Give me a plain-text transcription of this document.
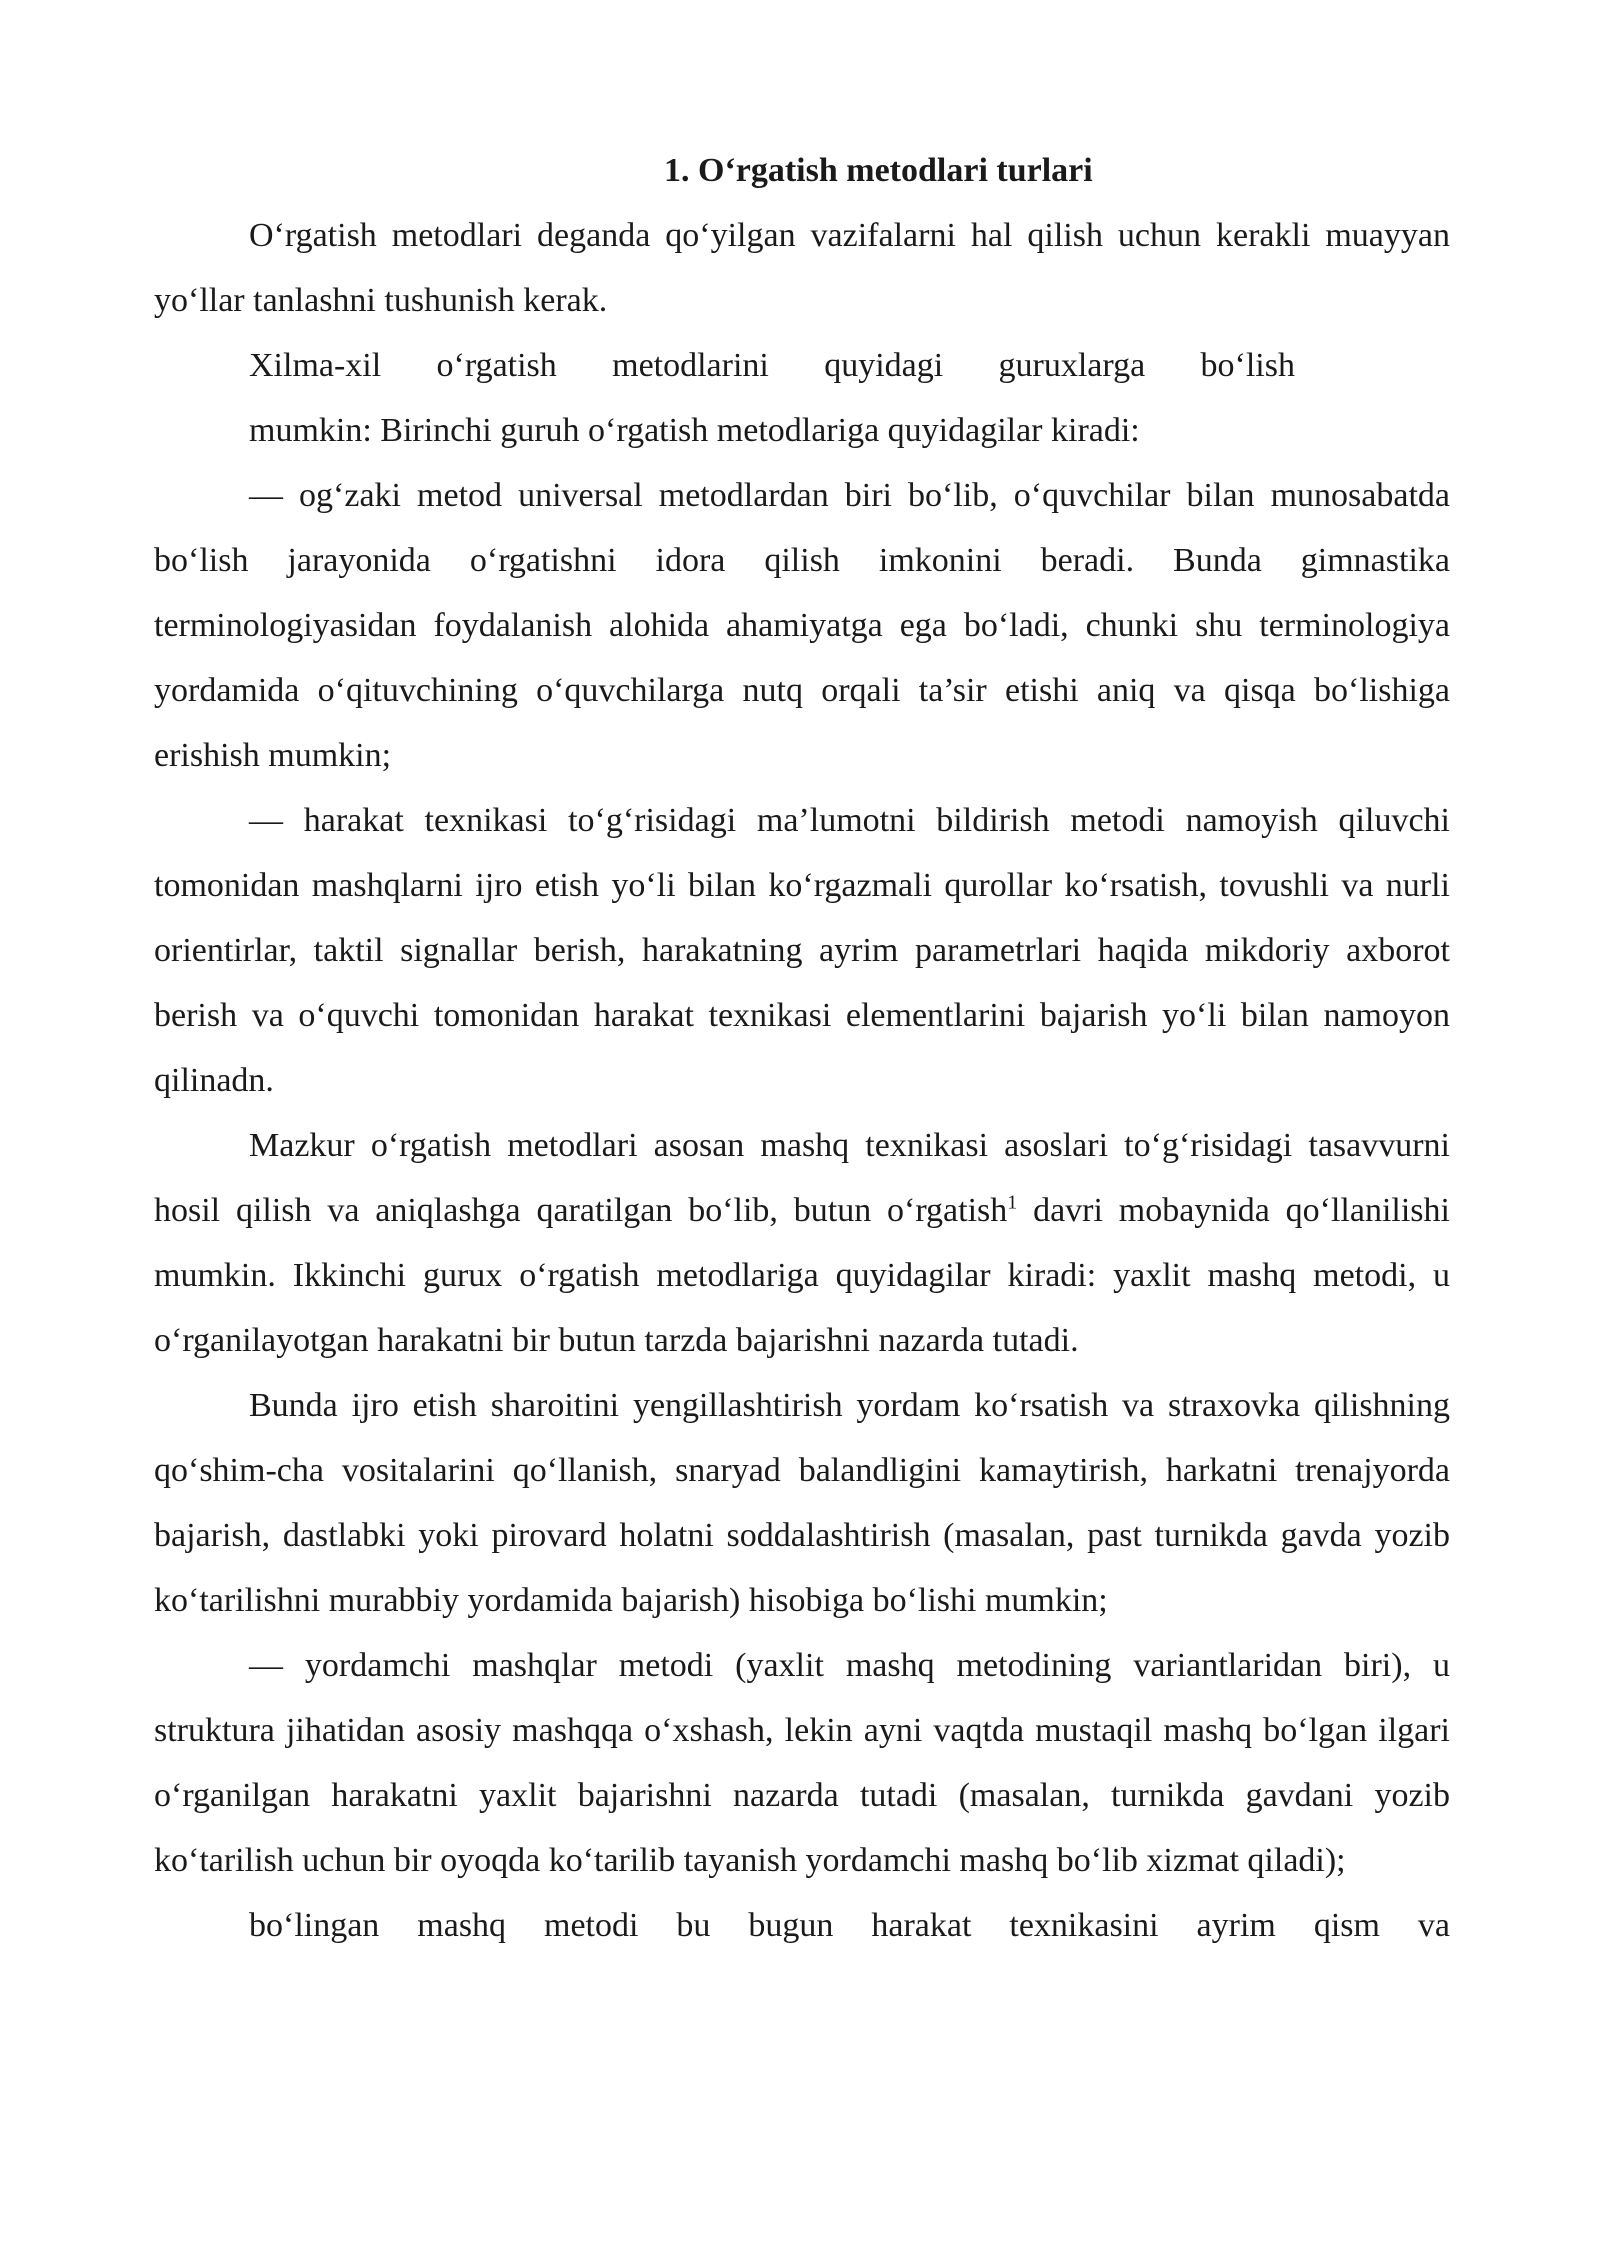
1. O‘rgatish metodlari turlari

O‘rgatish metodlari deganda qo‘yilgan vazifalarni hal qilish uchun kerakli muayyan yo‘llar tanlashni tushunish kerak.

Xilma-xil o‘rgatish metodlarini quyidagi guruxlarga bo‘lish

mumkin: Birinchi guruh o‘rgatish metodlariga quyidagilar kiradi:

— og‘zaki metod universal metodlardan biri bo‘lib, o‘quvchilar bilan munosabatda bo‘lish jarayonida o‘rgatishni idora qilish imkonini beradi. Bunda gimnastika terminologiyasidan foydalanish alohida ahamiyatga ega bo‘ladi, chunki shu terminologiya yordamida o‘qituvchining o‘quvchilarga nutq orqali ta’sir etishi aniq va qisqa bo‘lishiga erishish mumkin;

— harakat texnikasi to‘g‘risidagi ma’lumotni bildirish metodi namoyish qiluvchi tomonidan mashqlarni ijro etish yo‘li bilan ko‘rgazmali qurollar ko‘rsatish, tovushli va nurli orientirlar, taktil signallar berish, harakatning ayrim parametrlari haqida mikdoriy axborot berish va o‘quvchi tomonidan harakat texnikasi elementlarini bajarish yo‘li bilan namoyon qilinadn.

Mazkur o‘rgatish metodlari asosan mashq texnikasi asoslari to‘g‘risidagi tasavvurni hosil qilish va aniqlashga qaratilgan bo‘lib, butun o‘rgatish$^1$ davri mobaynida qo‘llanilishi mumkin. Ikkinchi gurux o‘rgatish metodlariga quyidagilar kiradi: yaxlit mashq metodi, u o‘rganilayotgan harakatni bir butun tarzda bajarishni nazarda tutadi.

Bunda ijro etish sharoitini yengillashtirish yordam ko‘rsatish va straxovka qilishning qo‘shim-cha vositalarini qo‘llanish, snaryad balandligini kamaytirish, harkatni trenajyorda bajarish, dastlabki yoki pirovard holatni soddalashtirish (masalan, past turnikda gavda yozib ko‘tarilishni murabbiy yordamida bajarish) hisobiga bo‘lishi mumkin;

— yordamchi mashqlar metodi (yaxlit mashq metodining variantlaridan biri), u struktura jihatidan asosiy mashqqa o‘xshash, lekin ayni vaqtda mustaqil mashq bo‘lgan ilgari o‘rganilgan harakatni yaxlit bajarishni nazarda tutadi (masalan, turnikda gavdani yozib ko‘tarilish uchun bir oyoqda ko‘tarilib tayanish yordamchi mashq bo‘lib xizmat qiladi);

bo‘lingan mashq metodi bu bugun harakat texnikasini ayrim qism va
